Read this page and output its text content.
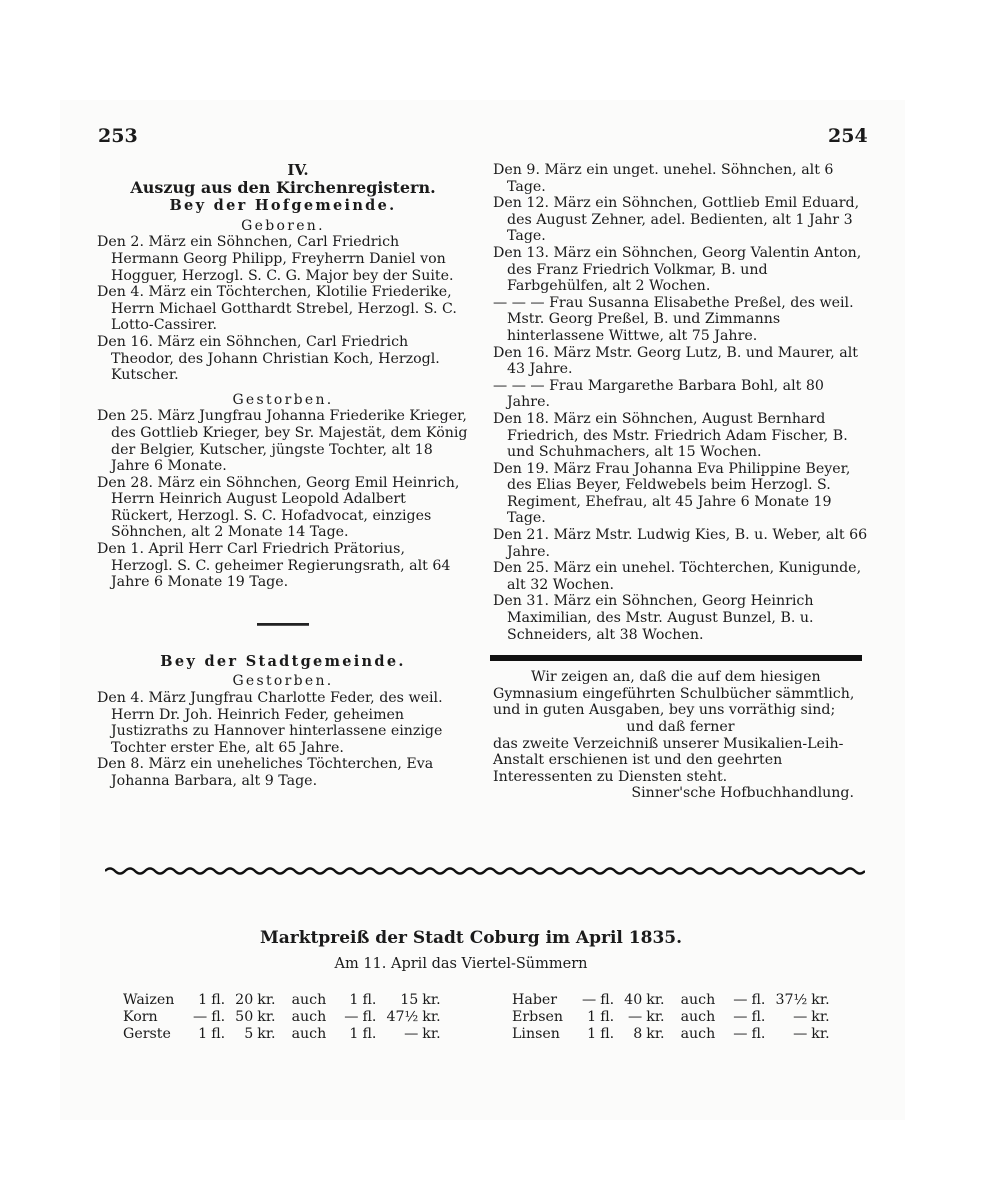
253	254
IV.
Auszug aus den Kirchenregistern.
Bey der Hofgemeinde.
Geboren.

Den 2. März ein Söhnchen, Carl Friedrich Hermann Georg Philipp, Freyherrn Daniel von Hogguer, Herzogl. S. C. G. Major bey der Suite.

Den 4. März ein Töchterchen, Klotilie Friederike, Herrn Michael Gotthardt Strebel, Herzogl. S. C. Lotto-Cassirer.

Den 16. März ein Söhnchen, Carl Friedrich Theodor, des Johann Christian Koch, Herzogl. Kutscher.

Gestorben.

Den 25. März Jungfrau Johanna Friederike Krieger, des Gottlieb Krieger, bey Sr. Majestät, dem König der Belgier, Kutscher, jüngste Tochter, alt 18 Jahre 6 Monate.

Den 28. März ein Söhnchen, Georg Emil Heinrich, Herrn Heinrich August Leopold Adalbert Rückert, Herzogl. S. C. Hofadvocat, einziges Söhnchen, alt 2 Monate 14 Tage.

Den 1. April Herr Carl Friedrich Prätorius, Herzogl. S. C. geheimer Regierungsrath, alt 64 Jahre 6 Monate 19 Tage.

Bey der Stadtgemeinde.
Gestorben.

Den 4. März Jungfrau Charlotte Feder, des weil. Herrn Dr. Joh. Heinrich Feder, geheimen Justizraths zu Hannover hinterlassene einzige Tochter erster Ehe, alt 65 Jahre.

Den 8. März ein uneheliches Töchterchen, Eva Johanna Barbara, alt 9 Tage.

Den 9. März ein unget. unehel. Söhnchen, alt 6 Tage.

Den 12. März ein Söhnchen, Gottlieb Emil Eduard, des August Zehner, adel. Bedienten, alt 1 Jahr 3 Tage.

Den 13. März ein Söhnchen, Georg Valentin Anton, des Franz Friedrich Volkmar, B. und Farbgehülfen, alt 2 Wochen.

— — — Frau Susanna Elisabethe Preßel, des weil. Mstr. Georg Preßel, B. und Zimmanns hinterlassene Wittwe, alt 75 Jahre.

Den 16. März Mstr. Georg Lutz, B. und Maurer, alt 43 Jahre.

— — — Frau Margarethe Barbara Bohl, alt 80 Jahre.

Den 18. März ein Söhnchen, August Bernhard Friedrich, des Mstr. Friedrich Adam Fischer, B. und Schuhmachers, alt 15 Wochen.

Den 19. März Frau Johanna Eva Philippine Beyer, des Elias Beyer, Feldwebels beim Herzogl. S. Regiment, Ehefrau, alt 45 Jahre 6 Monate 19 Tage.

Den 21. März Mstr. Ludwig Kies, B. u. Weber, alt 66 Jahre.

Den 25. März ein unehel. Töchterchen, Kunigunde, alt 32 Wochen.

Den 31. März ein Söhnchen, Georg Heinrich Maximilian, des Mstr. August Bunzel, B. u. Schneiders, alt 38 Wochen.

Wir zeigen an, daß die auf dem hiesigen Gymnasium eingeführten Schulbücher sämmtlich, und in guten Ausgaben, bey uns vorräthig sind;

und daß ferner

das zweite Verzeichniß unserer Musikalien-Leih-Anstalt erschienen ist und den geehrten Interessenten zu Diensten steht.

Sinner'sche Hofbuchhandlung.

Marktpreiß der Stadt Coburg im April 1835.
Am 11. April das Viertel-Sümmern
Waizen	1	fl.	20	kr.	auch	1	fl.	15	kr.
Korn	—	fl.	50	kr.	auch	—	fl.	47½	kr.
Gerste	1	fl.	5	kr.	auch	1	fl.	—	kr.
Haber	—	fl.	40	kr.	auch	—	fl.	37½	kr.
Erbsen	1	fl.	—	kr.	auch	—	fl.	—	kr.
Linsen	1	fl.	8	kr.	auch	—	fl.	—	kr.
